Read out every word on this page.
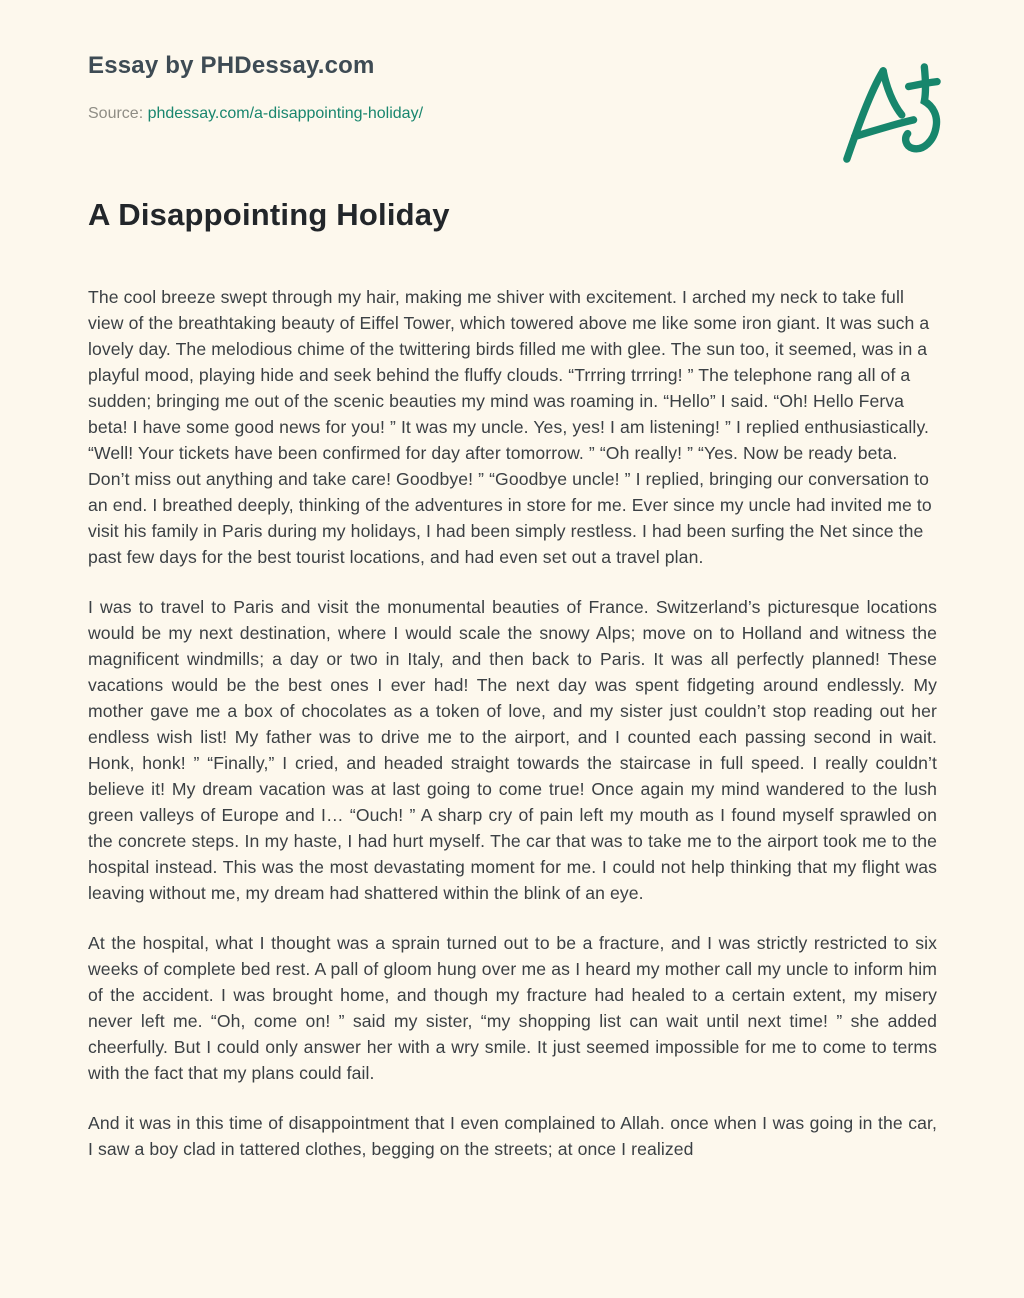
Essay by PHDessay.com
Source: phdessay.com/a-disappointing-holiday/
A Disappointing Holiday

The cool breeze swept through my hair, making me shiver with excitement. I arched my neck to take full view of the breathtaking beauty of Eiffel Tower, which towered above me like some iron giant. It was such a lovely day. The melodious chime of the twittering birds filled me with glee. The sun too, it seemed, was in a playful mood, playing hide and seek behind the fluffy clouds. “Trrring trrring! ” The telephone rang all of a sudden; bringing me out of the scenic beauties my mind was roaming in. “Hello” I said. “Oh! Hello Ferva beta! I have some good news for you! ” It was my uncle. Yes, yes! I am listening! ” I replied enthusiastically. “Well! Your tickets have been confirmed for day after tomorrow. ” “Oh really! ” “Yes. Now be ready beta. Don’t miss out anything and take care! Goodbye! ” “Goodbye uncle! ” I replied, bringing our conversation to an end. I breathed deeply, thinking of the adventures in store for me. Ever since my uncle had invited me to visit his family in Paris during my holidays, I had been simply restless. I had been surfing the Net since the past few days for the best tourist locations, and had even set out a travel plan.

I was to travel to Paris and visit the monumental beauties of France. Switzerland’s picturesque locations would be my next destination, where I would scale the snowy Alps; move on to Holland and witness the magnificent windmills; a day or two in Italy, and then back to Paris. It was all perfectly planned! These vacations would be the best ones I ever had! The next day was spent fidgeting around endlessly. My mother gave me a box of chocolates as a token of love, and my sister just couldn’t stop reading out her endless wish list! My father was to drive me to the airport, and I counted each passing second in wait. Honk, honk! ” “Finally,” I cried, and headed straight towards the staircase in full speed. I really couldn’t believe it! My dream vacation was at last going to come true! Once again my mind wandered to the lush green valleys of Europe and I… “Ouch! ” A sharp cry of pain left my mouth as I found myself sprawled on the concrete steps. In my haste, I had hurt myself. The car that was to take me to the airport took me to the hospital instead. This was the most devastating moment for me. I could not help thinking that my flight was leaving without me, my dream had shattered within the blink of an eye.

At the hospital, what I thought was a sprain turned out to be a fracture, and I was strictly restricted to six weeks of complete bed rest. A pall of gloom hung over me as I heard my mother call my uncle to inform him of the accident. I was brought home, and though my fracture had healed to a certain extent, my misery never left me. “Oh, come on! ” said my sister, “my shopping list can wait until next time! ” she added cheerfully. But I could only answer her with a wry smile. It just seemed impossible for me to come to terms with the fact that my plans could fail.

And it was in this time of disappointment that I even complained to Allah. once when I was going in the car, I saw a boy clad in tattered clothes, begging on the streets; at once I realized
